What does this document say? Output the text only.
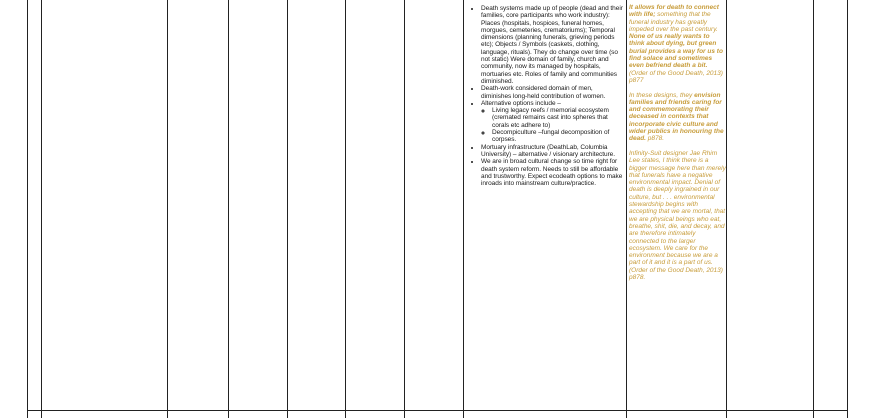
• Death systems made up of people (dead and their families, core participants who work industry): Places (hospitals, hospices, funeral homes, morgues, cemeteries, crematoriums); Temporal dimensions (planning funerals, grieving periods etc); Objects / Symbols (caskets, clothing, language, rituals). They do change over time (so not static) Were domain of family, church and community, now its managed by hospitals, mortuaries etc. Roles of family and communities diminished.
• Death-work considered domain of men, diminishes long-held contribution of women.
• Alternative options include –
◦ Living legacy reefs / memorial ecosystem (cremated remains cast into spheres that corals etc adhere to)
◦ Decompiculture –fungal decomposition of corpses.
• Mortuary infrastructure (DeathLab, Columbia University) – alternative / visionary architecture.
• We are in broad cultural change so time right for death system reform. Needs to still be affordable and trustworthy. Expect ecodeath options to make inroads into mainstream culture/practice.

It allows for death to connect with life; something that the funeral industry has greatly impeded over the past century. None of us really wants to think about dying, but green burial provides a way for us to find solace and sometimes even befriend death a bit. (Order of the Good Death, 2013) p877

In these designs, they envision families and friends caring for and commemorating their deceased in contexts that incorporate civic culture and wider publics in honouring the dead. p878.

Infinity-Suit designer Jae Rhim Lee states, I think there is a bigger message here than merely that funerals have a negative environmental impact. Denial of death is deeply ingrained in our culture, but . . . environmental stewardship begins with accepting that we are mortal, that we are physical beings who eat, breathe, shit, die, and decay, and are therefore intimately connected to the larger ecosystem. We care for the environment because we are a part of it and it is a part of us. (Order of the Good Death, 2013) p878.
